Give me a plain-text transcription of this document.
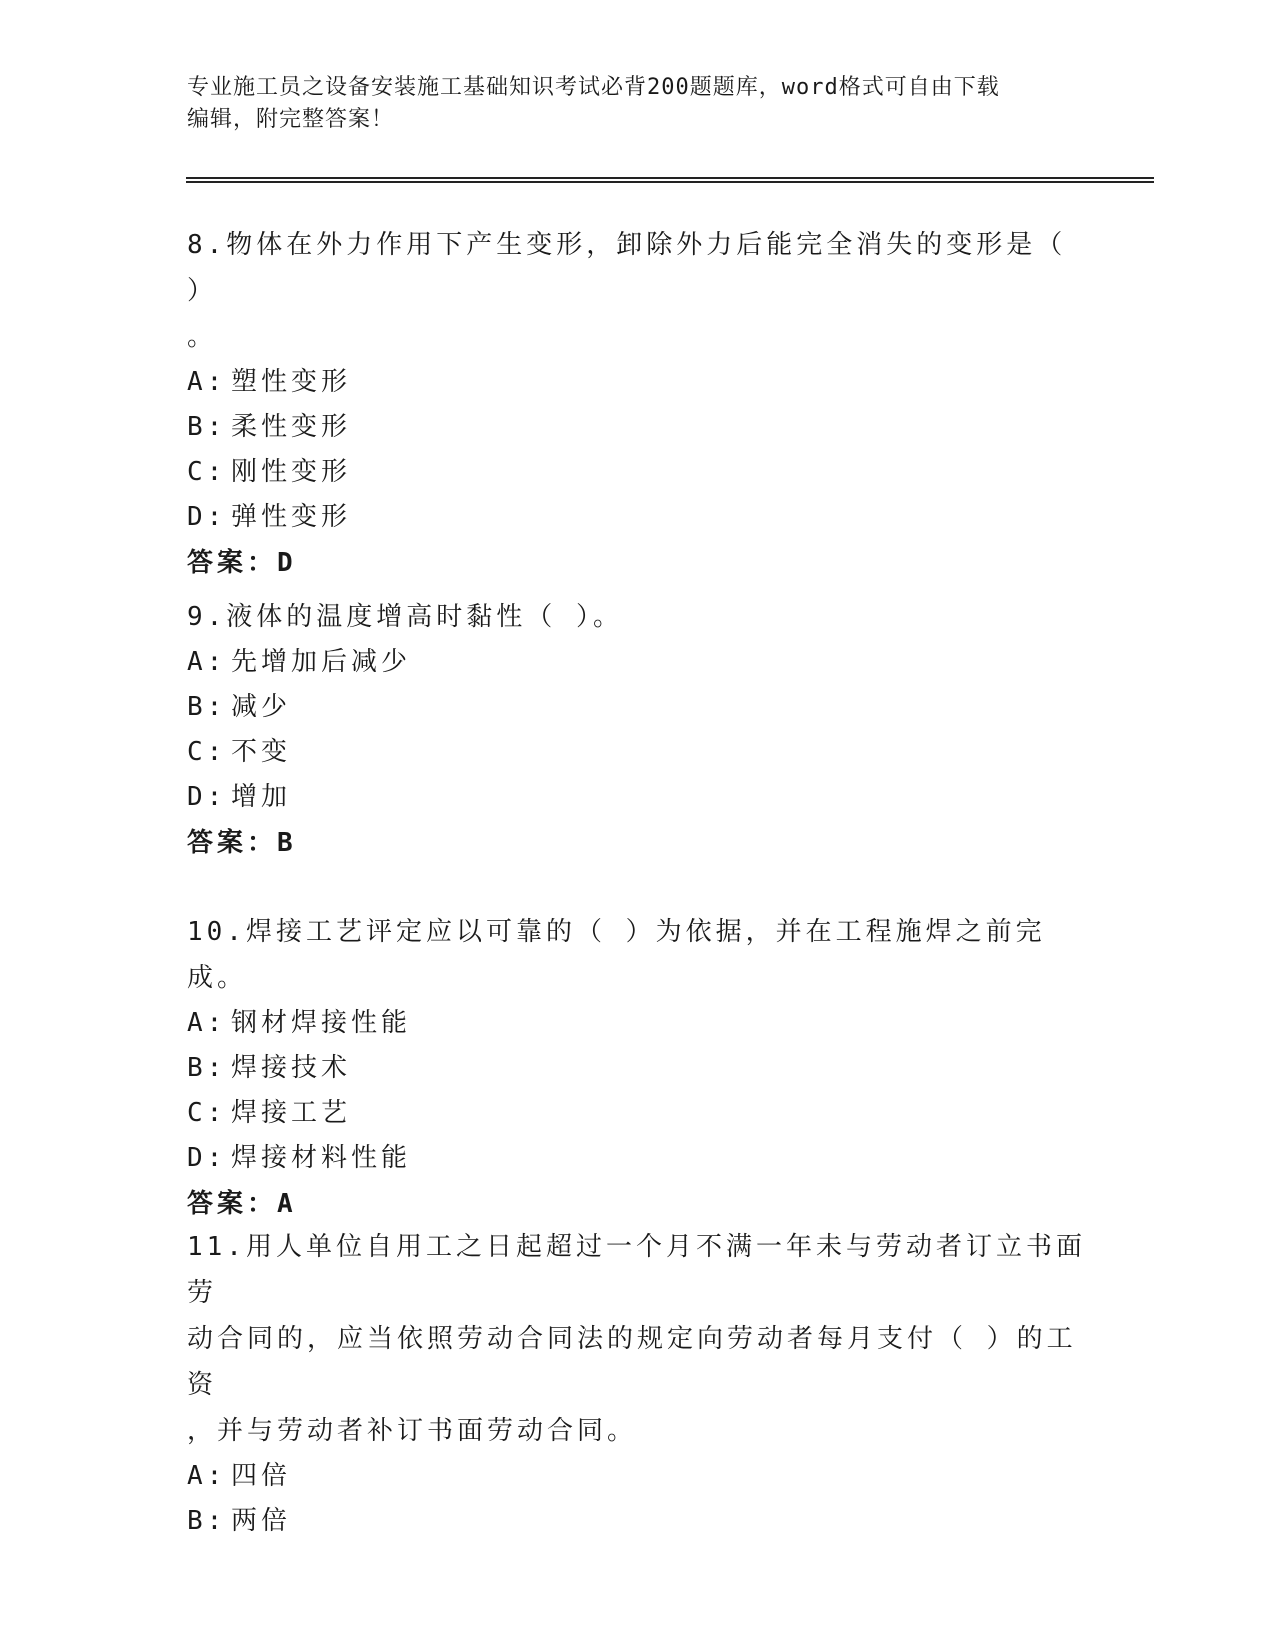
专业施工员之设备安装施工基础知识考试必背200题题库，word格式可自由下载
编辑，附完整答案！
8.物体在外力作用下产生变形，卸除外力后能完全消失的变形是（ ）
。
A: 塑性变形
B: 柔性变形
C: 刚性变形
D: 弹性变形
答案：D
9.液体的温度增高时黏性（ ）。
A: 先增加后减少
B: 减少
C: 不变
D: 增加
答案：B
10.焊接工艺评定应以可靠的（ ）为依据，并在工程施焊之前完成。
A: 钢材焊接性能
B: 焊接技术
C: 焊接工艺
D: 焊接材料性能
答案：A
11.用人单位自用工之日起超过一个月不满一年未与劳动者订立书面劳
动合同的，应当依照劳动合同法的规定向劳动者每月支付（ ）的工资
，并与劳动者补订书面劳动合同。
A: 四倍
B: 两倍
